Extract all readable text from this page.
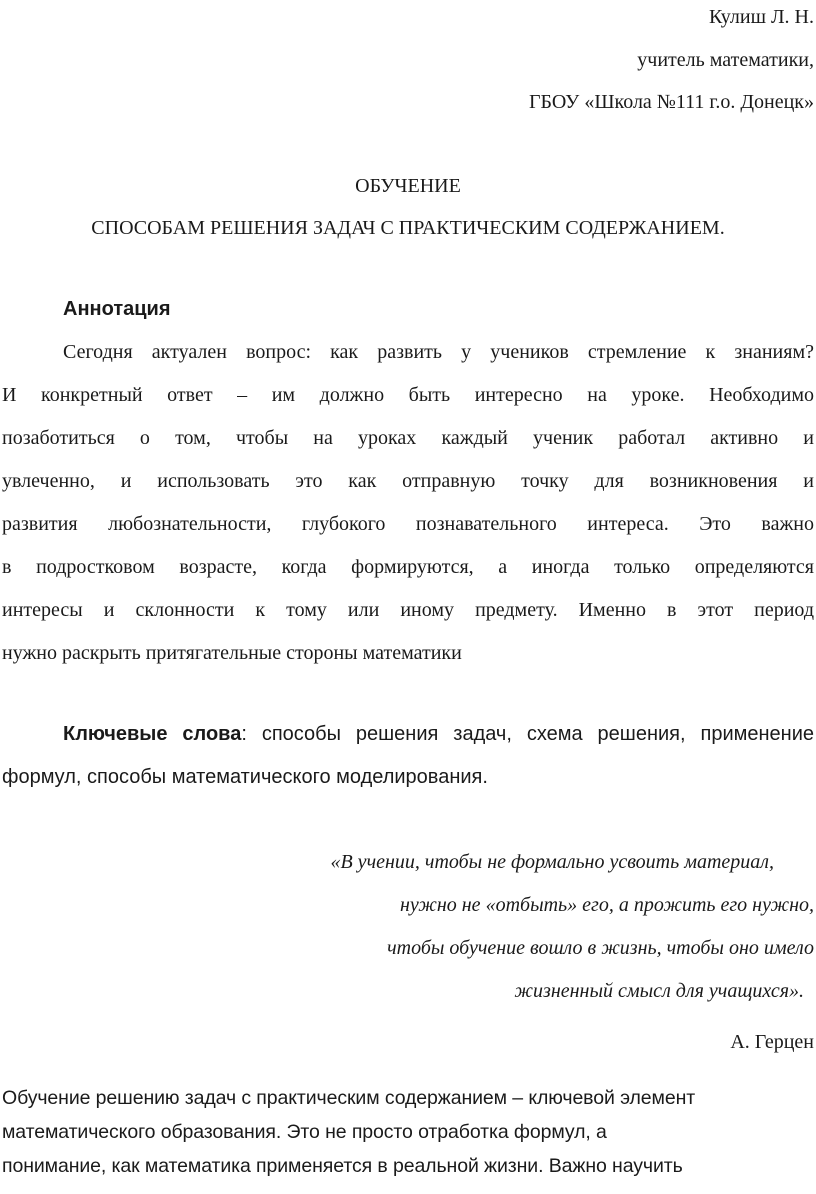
Кулиш Л. Н.
учитель математики,
ГБОУ «Школа №111 г.о. Донецк»
ОБУЧЕНИЕ
СПОСОБАМ РЕШЕНИЯ ЗАДАЧ С ПРАКТИЧЕСКИМ СОДЕРЖАНИЕМ.
Аннотация
Сегодня актуален вопрос: как развить у учеников стремление к знаниям?
И конкретный ответ – им должно быть интересно на уроке. Необходимо
позаботиться о том, чтобы на уроках каждый ученик работал активно и
увлеченно, и использовать это как отправную точку для возникновения и
развития любознательности, глубокого познавательного интереса. Это важно
в подростковом возрасте, когда формируются, а иногда только определяются
интересы и склонности к тому или иному предмету. Именно в этот период
нужно раскрыть притягательные стороны математики
Ключевые слова: способы решения задач, схема решения, применение
формул, способы математического моделирования.
«В учении, чтобы не формально усвоить материал,
нужно не «отбыть» его, а прожить его нужно,
чтобы обучение вошло в жизнь, чтобы оно имело
жизненный смысл для учащихся».
А. Герцен
Обучение решению задач с практическим содержанием – ключевой элемент
математического образования. Это не просто отработка формул, а
понимание, как математика применяется в реальной жизни. Важно научить
